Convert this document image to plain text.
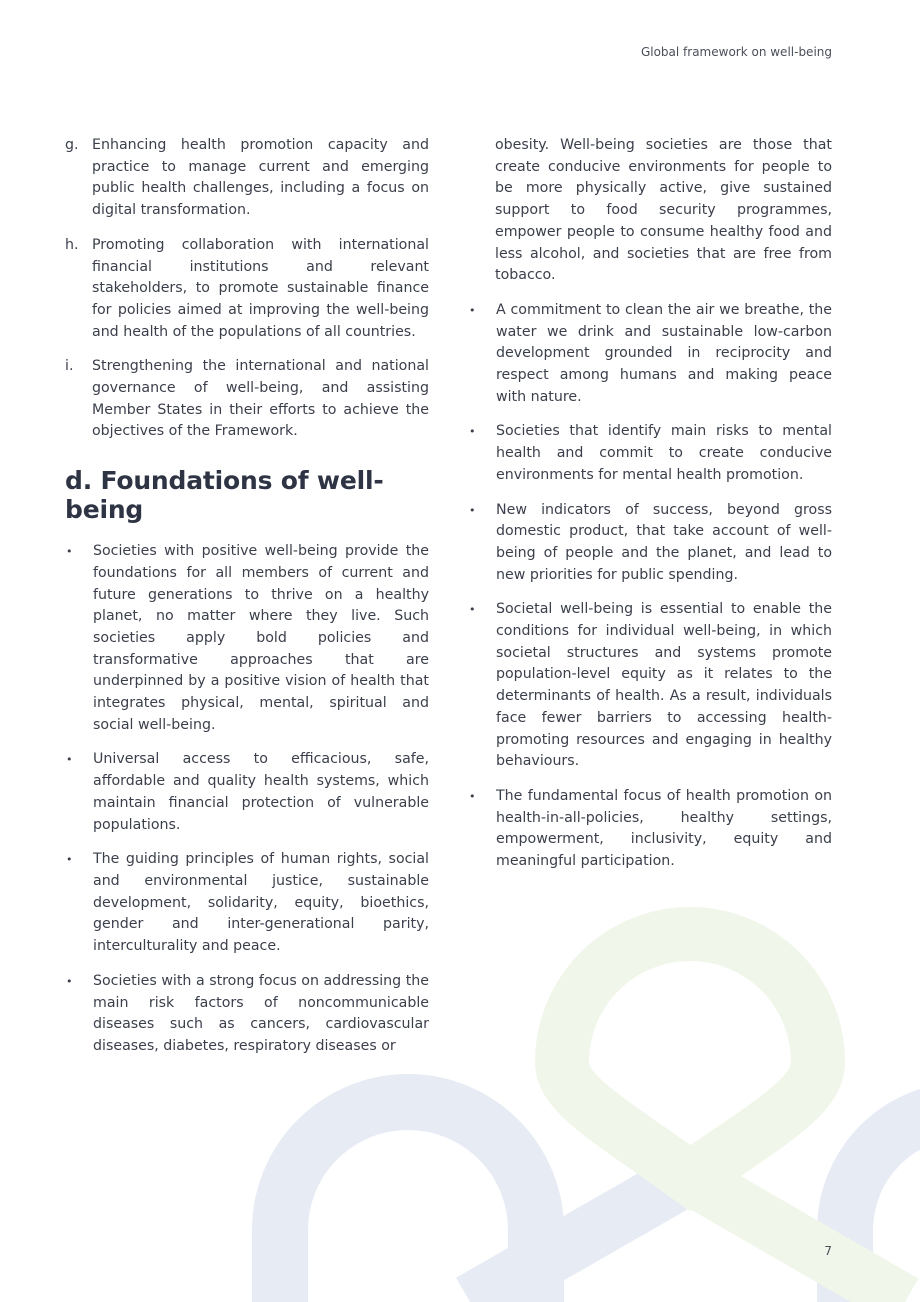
Global framework on well-being
g. Enhancing health promotion capacity and practice to manage current and emerging public health challenges, including a focus on digital transformation.
h. Promoting collaboration with international financial institutions and relevant stakeholders, to promote sustainable finance for policies aimed at improving the well-being and health of the populations of all countries.
i.	Strengthening the international and national governance of well-being, and assisting Member States in their efforts to achieve the objectives of the Framework.
d. Foundations of well-being
•	Societies with positive well-being provide the foundations for all members of current and future generations to thrive on a healthy planet, no matter where they live. Such societies apply bold policies and transformative approaches that are underpinned by a positive vision of health that integrates physical, mental, spiritual and social well-being.
•	Universal access to efficacious, safe, affordable and quality health systems, which maintain financial protection of vulnerable populations.
•	The guiding principles of human rights, social and environmental justice, sustainable development, solidarity, equity, bioethics, gender and inter-generational parity, interculturality and peace.
•	Societies with a strong focus on addressing the main risk factors of noncommunicable diseases such as cancers, cardiovascular diseases, diabetes, respiratory diseases or
obesity. Well-being societies are those that create conducive environments for people to be more physically active, give sustained support to food security programmes, empower people to consume healthy food and less alcohol, and societies that are free from tobacco.
•	A commitment to clean the air we breathe, the water we drink and sustainable low-carbon development grounded in reciprocity and respect among humans and making peace with nature.
•	Societies that identify main risks to mental health and commit to create conducive environments for mental health promotion.
•	New indicators of success, beyond gross domestic product, that take account of well-being of people and the planet, and lead to new priorities for public spending.
•	Societal well-being is essential to enable the conditions for individual well-being, in which societal structures and systems promote population-level equity as it relates to the determinants of health. As a result, individuals face fewer barriers to accessing health-promoting resources and engaging in healthy behaviours.
•	The fundamental focus of health promotion on health-in-all-policies, healthy settings, empowerment, inclusivity, equity and meaningful participation.
7
